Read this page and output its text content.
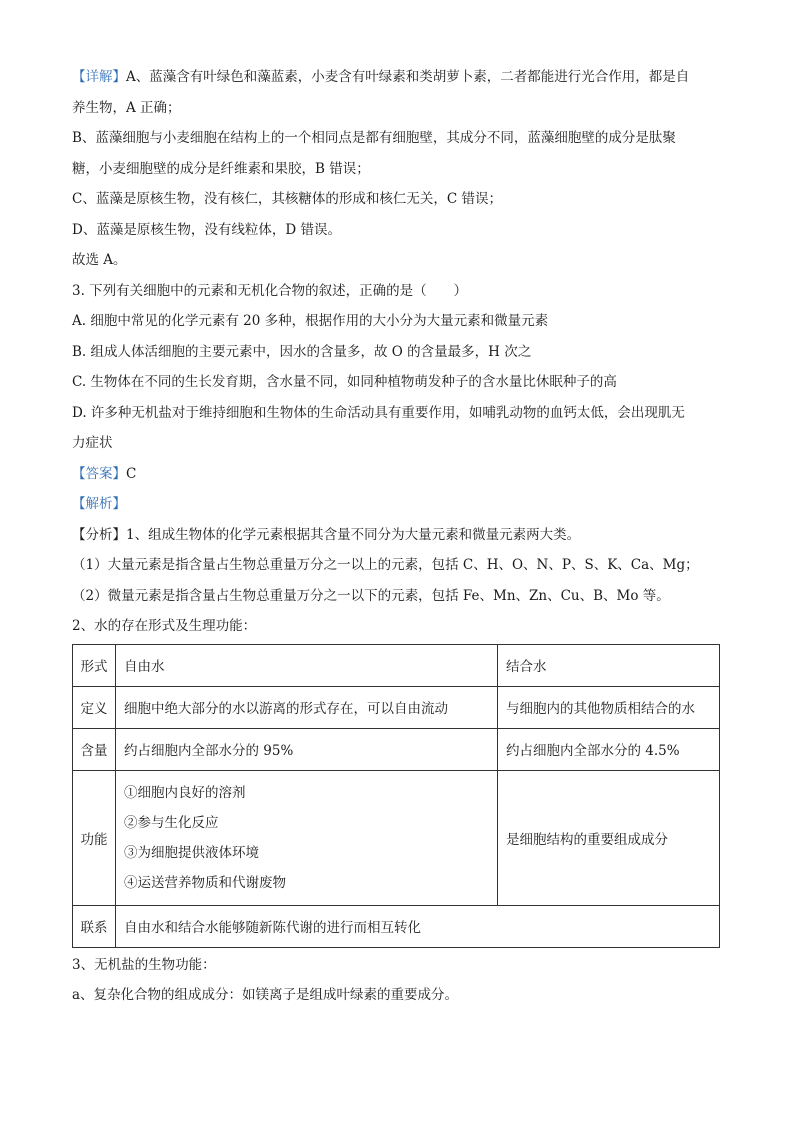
【详解】A、蓝藻含有叶绿色和藻蓝素，小麦含有叶绿素和类胡萝卜素，二者都能进行光合作用，都是自
养生物，A 正确；
B、蓝藻细胞与小麦细胞在结构上的一个相同点是都有细胞壁，其成分不同，蓝藻细胞壁的成分是肽聚
糖，小麦细胞壁的成分是纤维素和果胶，B 错误；
C、蓝藻是原核生物，没有核仁，其核糖体的形成和核仁无关，C 错误；
D、蓝藻是原核生物，没有线粒体，D 错误。
故选 A。
3. 下列有关细胞中的元素和无机化合物的叙述，正确的是（　　）
A. 细胞中常见的化学元素有 20 多种，根据作用的大小分为大量元素和微量元素
B. 组成人体活细胞的主要元素中，因水的含量多，故 O 的含量最多，H 次之
C. 生物体在不同的生长发育期，含水量不同，如同种植物萌发种子的含水量比休眠种子的高
D. 许多种无机盐对于维持细胞和生物体的生命活动具有重要作用，如哺乳动物的血钙太低，会出现肌无
力症状
【答案】C
【解析】
【分析】1、组成生物体的化学元素根据其含量不同分为大量元素和微量元素两大类。
（1）大量元素是指含量占生物总重量万分之一以上的元素，包括 C、H、O、N、P、S、K、Ca、Mg；
（2）微量元素是指含量占生物总重量万分之一以下的元素，包括 Fe、Mn、Zn、Cu、B、Mo 等。
2、水的存在形式及生理功能：
形式	自由水	结合水
定义	细胞中绝大部分的水以游离的形式存在，可以自由流动	与细胞内的其他物质相结合的水
含量	约占细胞内全部水分的 95%	约占细胞内全部水分的 4.5%
功能	①细胞内良好的溶剂
②参与生化反应
③为细胞提供液体环境
④运送营养物质和代谢废物	是细胞结构的重要组成成分
联系	自由水和结合水能够随新陈代谢的进行而相互转化	
3、无机盐的生物功能：
a、复杂化合物的组成成分：如镁离子是组成叶绿素的重要成分。
